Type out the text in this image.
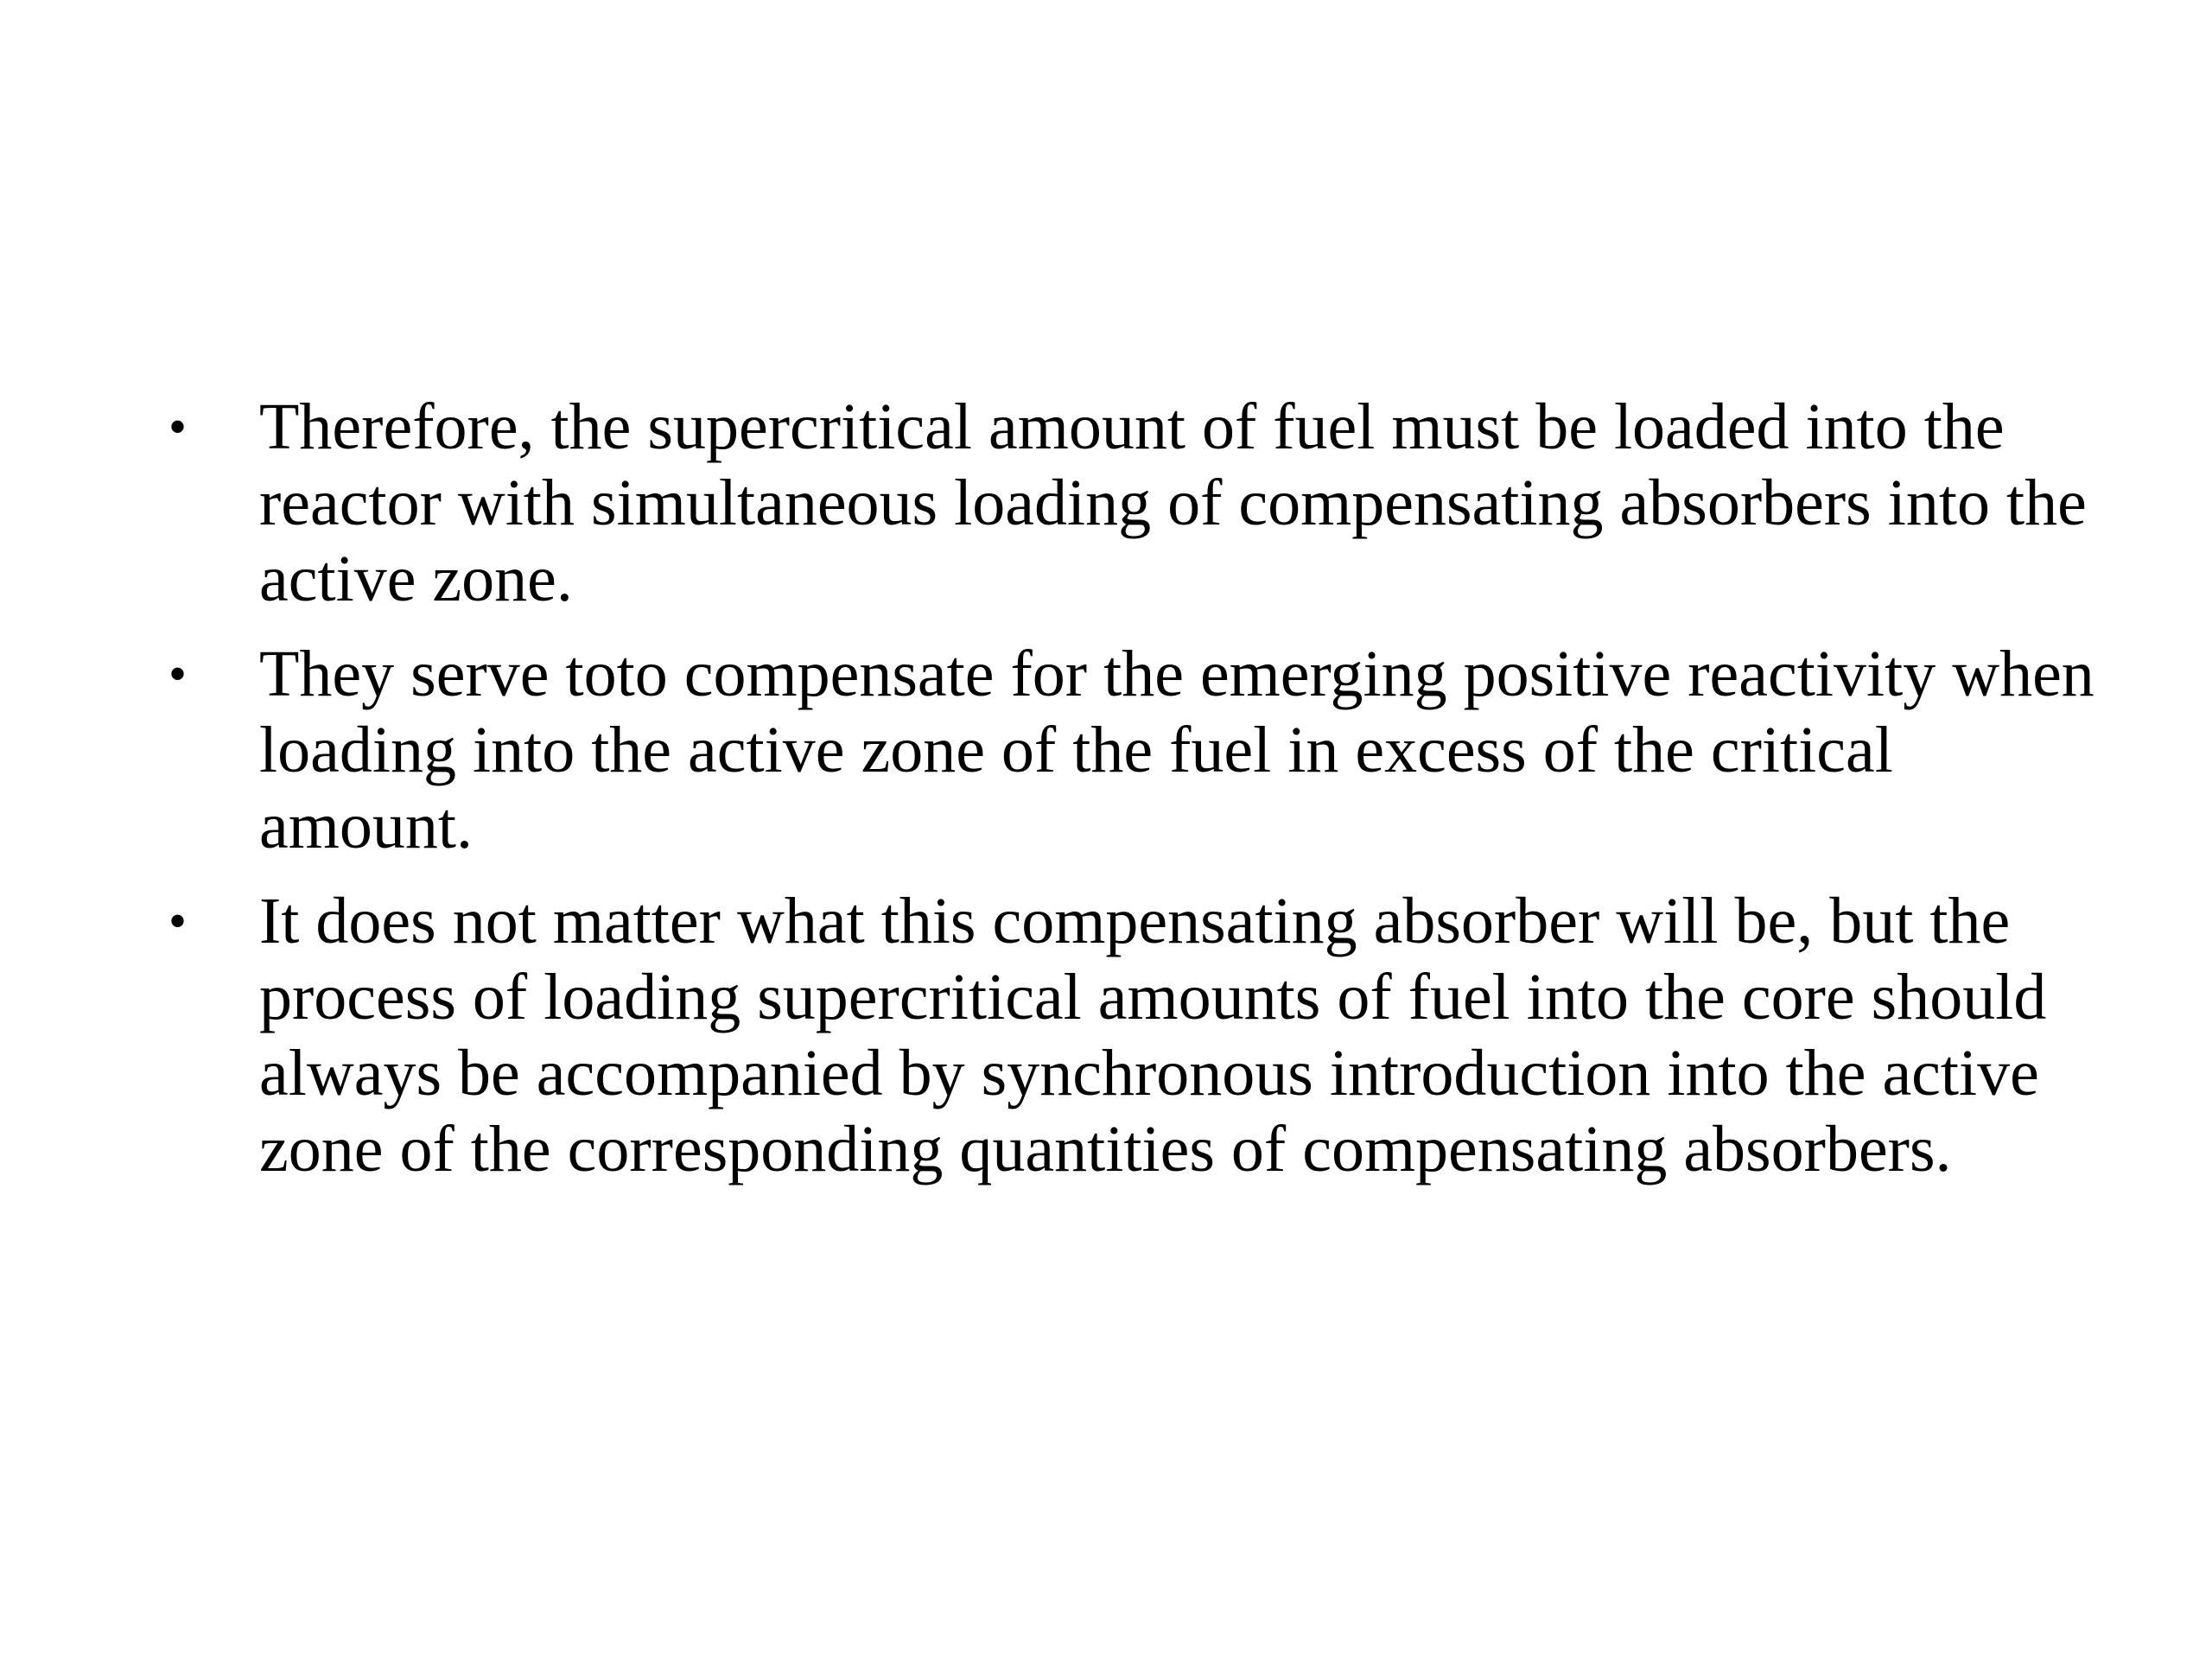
• Therefore, the supercritical amount of fuel must be loaded into the reactor with simultaneous loading of compensating absorbers into the active zone.
• They serve toto compensate for the emerging positive reactivity when loading into the active zone of the fuel in excess of the critical amount.
• It does not matter what this compensating absorber will be, but the process of loading supercritical amounts of fuel into the core should always be accompanied by synchronous introduction into the active zone of the corresponding quantities of compensating absorbers.
